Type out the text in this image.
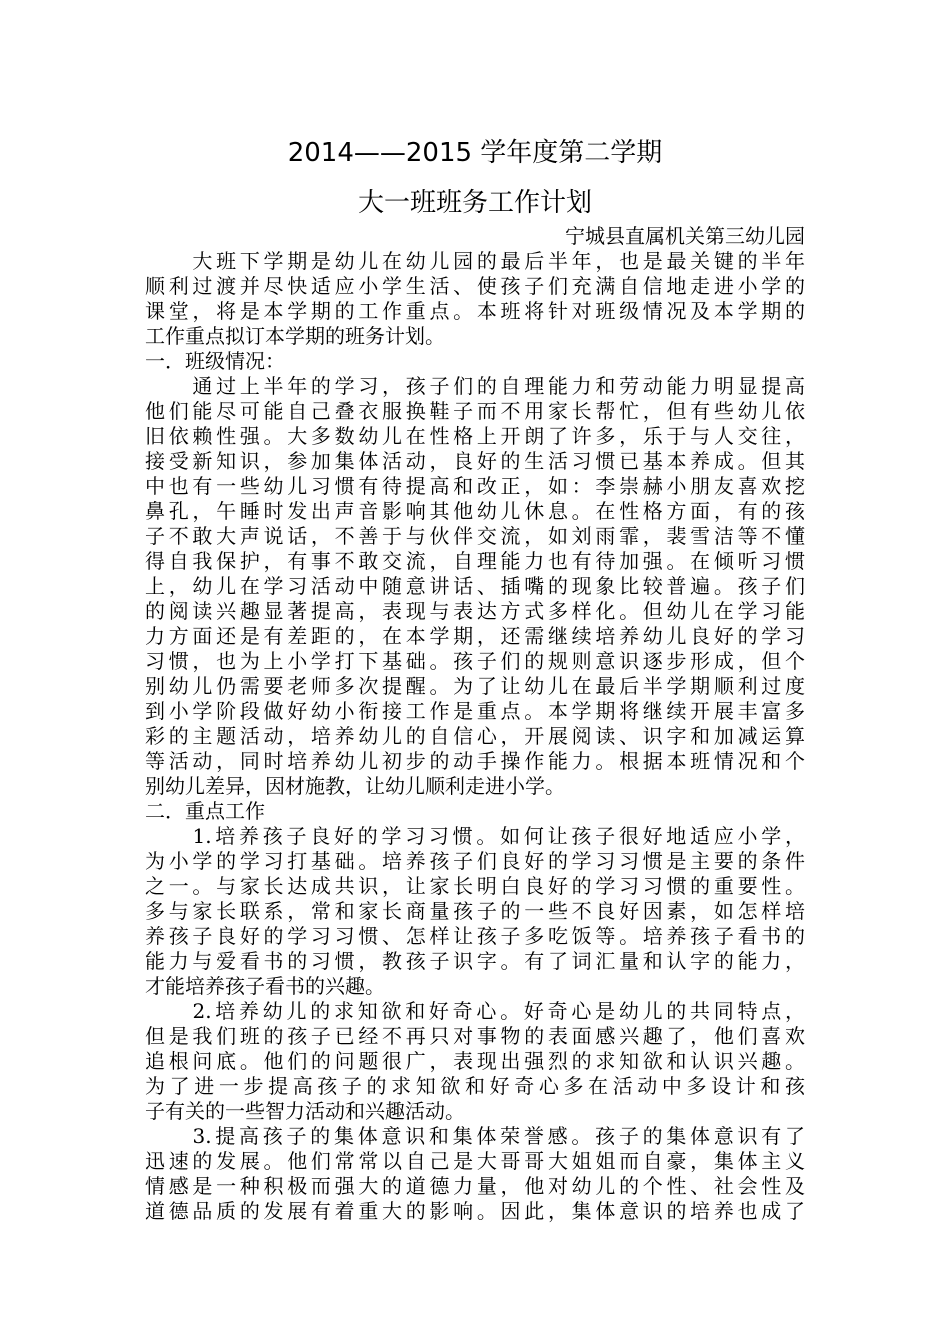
2014——2015 学年度第二学期
大一班班务工作计划
宁城县直属机关第三幼儿园
　　大班下学期是幼儿在幼儿园的最后半年，也是最关键的半年
顺利过渡并尽快适应小学生活、使孩子们充满自信地走进小学的
课堂，将是本学期的工作重点。本班将针对班级情况及本学期的
工作重点拟订本学期的班务计划。
一．班级情况：
　　通过上半年的学习，孩子们的自理能力和劳动能力明显提高
他们能尽可能自己叠衣服换鞋子而不用家长帮忙，但有些幼儿依
旧依赖性强。大多数幼儿在性格上开朗了许多，乐于与人交往，
接受新知识，参加集体活动，良好的生活习惯已基本养成。但其
中也有一些幼儿习惯有待提高和改正，如：李崇赫小朋友喜欢挖
鼻孔，午睡时发出声音影响其他幼儿休息。在性格方面，有的孩
子不敢大声说话，不善于与伙伴交流，如刘雨霏，裴雪洁等不懂
得自我保护，有事不敢交流，自理能力也有待加强。在倾听习惯
上，幼儿在学习活动中随意讲话、插嘴的现象比较普遍。孩子们
的阅读兴趣显著提高，表现与表达方式多样化。但幼儿在学习能
力方面还是有差距的，在本学期，还需继续培养幼儿良好的学习
习惯，也为上小学打下基础。孩子们的规则意识逐步形成，但个
别幼儿仍需要老师多次提醒。为了让幼儿在最后半学期顺利过度
到小学阶段做好幼小衔接工作是重点。本学期将继续开展丰富多
彩的主题活动，培养幼儿的自信心，开展阅读、识字和加减运算
等活动，同时培养幼儿初步的动手操作能力。根据本班情况和个
别幼儿差异，因材施教，让幼儿顺利走进小学。
二．重点工作
　　1.培养孩子良好的学习习惯。如何让孩子很好地适应小学，
为小学的学习打基础。培养孩子们良好的学习习惯是主要的条件
之一。与家长达成共识，让家长明白良好的学习习惯的重要性。
多与家长联系，常和家长商量孩子的一些不良好因素，如怎样培
养孩子良好的学习习惯、怎样让孩子多吃饭等。培养孩子看书的
能力与爱看书的习惯，教孩子识字。有了词汇量和认字的能力，
才能培养孩子看书的兴趣。
　　2.培养幼儿的求知欲和好奇心。好奇心是幼儿的共同特点，
但是我们班的孩子已经不再只对事物的表面感兴趣了，他们喜欢
追根问底。他们的问题很广，表现出强烈的求知欲和认识兴趣。
为了进一步提高孩子的求知欲和好奇心多在活动中多设计和孩
子有关的一些智力活动和兴趣活动。
　　3.提高孩子的集体意识和集体荣誉感。孩子的集体意识有了
迅速的发展。他们常常以自己是大哥哥大姐姐而自豪，集体主义
情感是一种积极而强大的道德力量，他对幼儿的个性、社会性及
道德品质的发展有着重大的影响。因此，集体意识的培养也成了
